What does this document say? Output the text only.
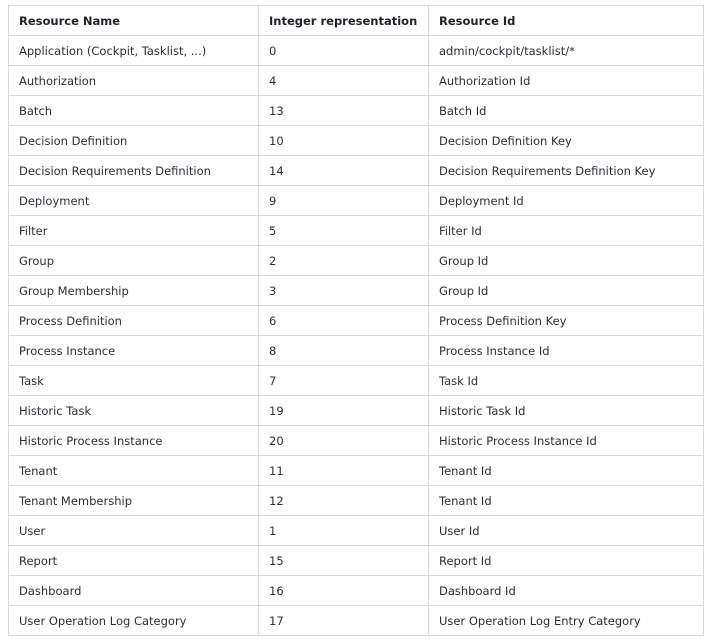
Resource Name	Integer representation	Resource Id
Application (Cockpit, Tasklist, ...)	0	admin/cockpit/tasklist/*
Authorization	4	Authorization Id
Batch	13	Batch Id
Decision Definition	10	Decision Definition Key
Decision Requirements Definition	14	Decision Requirements Definition Key
Deployment	9	Deployment Id
Filter	5	Filter Id
Group	2	Group Id
Group Membership	3	Group Id
Process Definition	6	Process Definition Key
Process Instance	8	Process Instance Id
Task	7	Task Id
Historic Task	19	Historic Task Id
Historic Process Instance	20	Historic Process Instance Id
Tenant	11	Tenant Id
Tenant Membership	12	Tenant Id
User	1	User Id
Report	15	Report Id
Dashboard	16	Dashboard Id
User Operation Log Category	17	User Operation Log Entry Category
